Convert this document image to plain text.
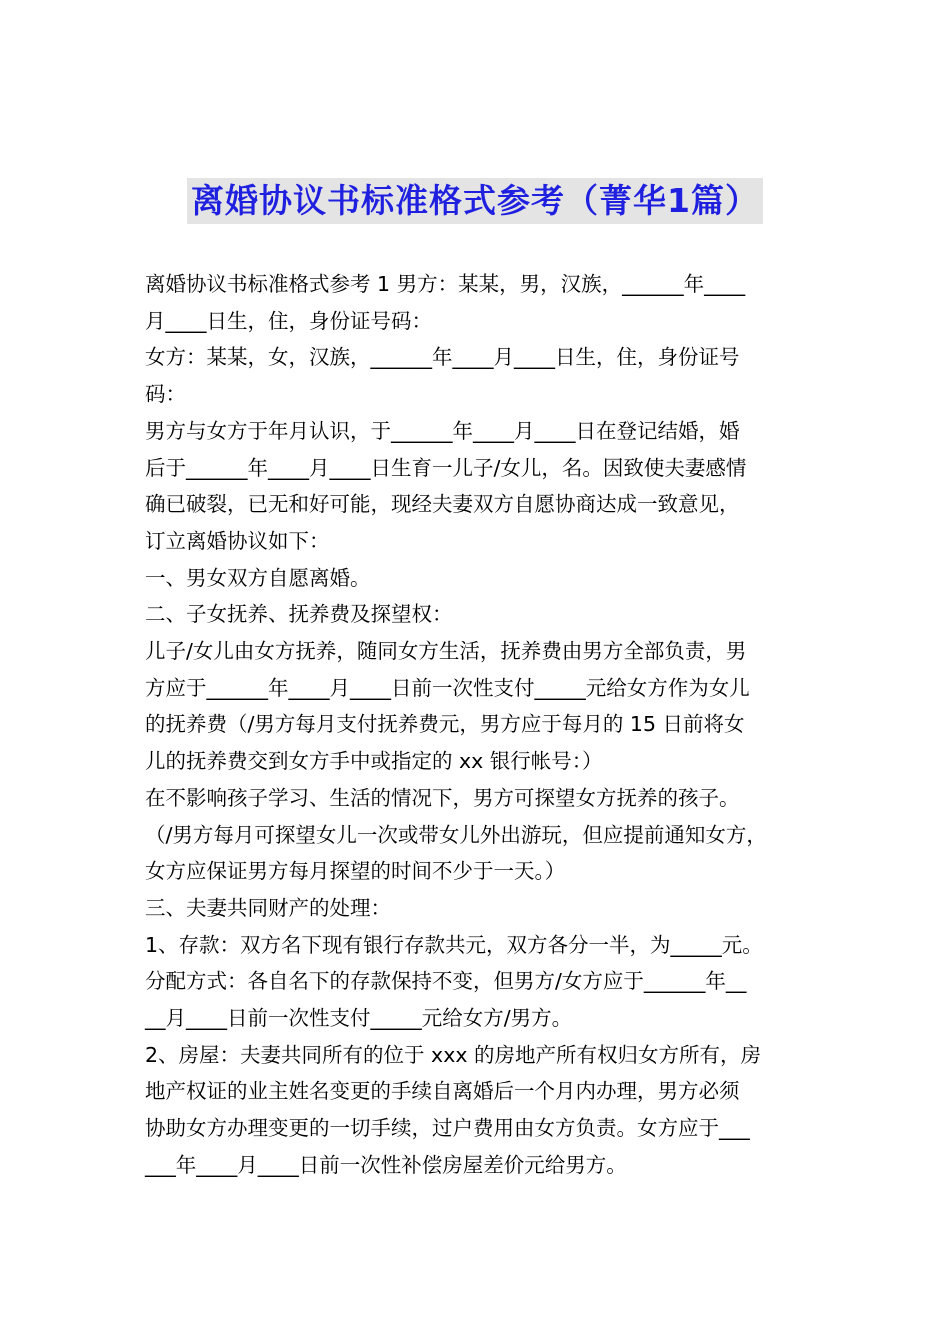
离婚协议书标准格式参考（菁华1篇）

离婚协议书标准格式参考 1 男方：某某，男，汉族，______年____

月____日生，住，身份证号码：

女方：某某，女，汉族，______年____月____日生，住，身份证号

码：

男方与女方于年月认识，于______年____月____日在登记结婚，婚

后于______年____月____日生育一儿子/女儿，名。因致使夫妻感情

确已破裂，已无和好可能，现经夫妻双方自愿协商达成一致意见，

订立离婚协议如下：

一、男女双方自愿离婚。

二、子女抚养、抚养费及探望权：

儿子/女儿由女方抚养，随同女方生活，抚养费由男方全部负责，男

方应于______年____月____日前一次性支付_____元给女方作为女儿

的抚养费（/男方每月支付抚养费元，男方应于每月的 15 日前将女

儿的抚养费交到女方手中或指定的 xx 银行帐号：）

在不影响孩子学习、生活的情况下，男方可探望女方抚养的孩子。

（/男方每月可探望女儿一次或带女儿外出游玩，但应提前通知女方，

女方应保证男方每月探望的时间不少于一天。）

三、夫妻共同财产的处理：

1、存款：双方名下现有银行存款共元，双方各分一半，为_____元。

分配方式：各自名下的存款保持不变，但男方/女方应于______年__

__月____日前一次性支付_____元给女方/男方。

2、房屋：夫妻共同所有的位于 xxx 的房地产所有权归女方所有，房

地产权证的业主姓名变更的手续自离婚后一个月内办理，男方必须

协助女方办理变更的一切手续，过户费用由女方负责。女方应于___

___年____月____日前一次性补偿房屋差价元给男方。
